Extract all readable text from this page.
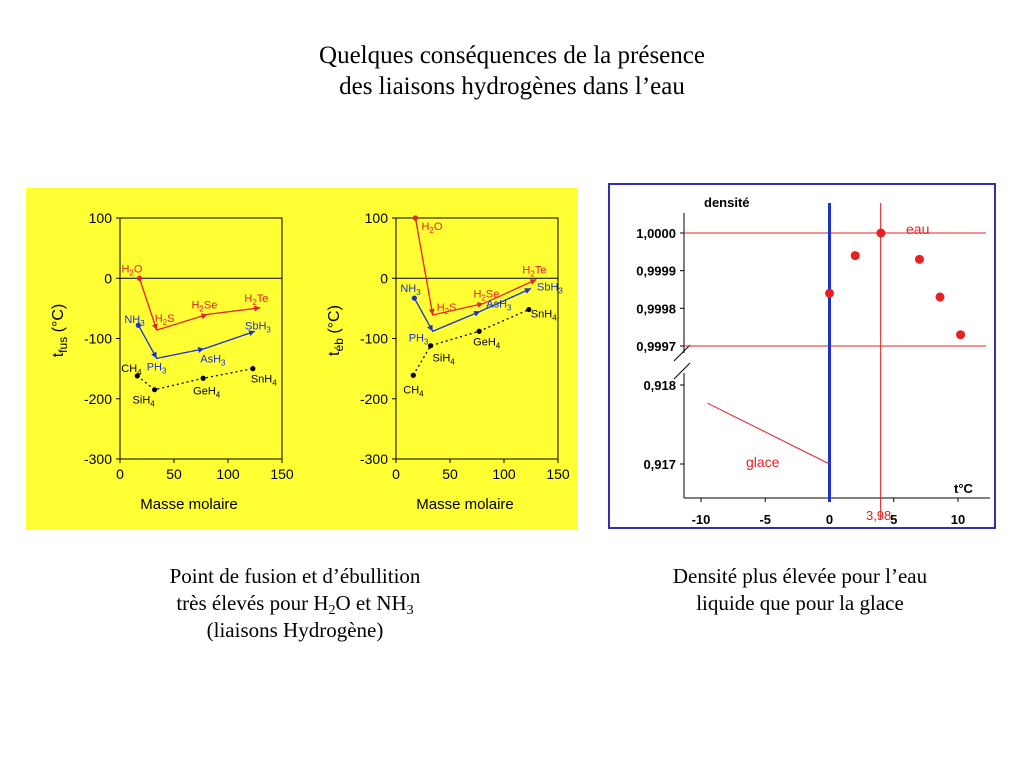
Quelques conséquences de la présence
des liaisons hydrogènes dans l’eau
100
0
-100
-200
-300
0	50 100 150
Masse molaire
$t_{fus}$ (°C)
$H_2O$
$H_2S$
$H_2Se$
$H_2Te$
$NH_3$
$PH_3$
AsH$_3$
SbH$_3$
$CH_4$
SiH$_4$
GeH$_4$
SnH$_4$
100
0
-100
-200
-300
0	50 100 150
Masse molaire
$t_{éb}$ (°C)
$H_2O$
$H_2S$
$H_2Se$
$H_2Te$
$NH_3$
$PH_3$
AsH$_3$
SbH$_3$
$CH_4$
SiH$_4$
GeH$_4$
SnH$_4$
densité
t°C
1,0000
0,9999
0,9998
0,9997
0,918
0,917
-10	-5	0	5	10
eau
glace
3,98
Point de fusion et d’ébullition
très élevés pour $H_2O$ et $NH_3$
(liaisons Hydrogène)
Densité plus élevée pour l’eau
liquide que pour la glace
